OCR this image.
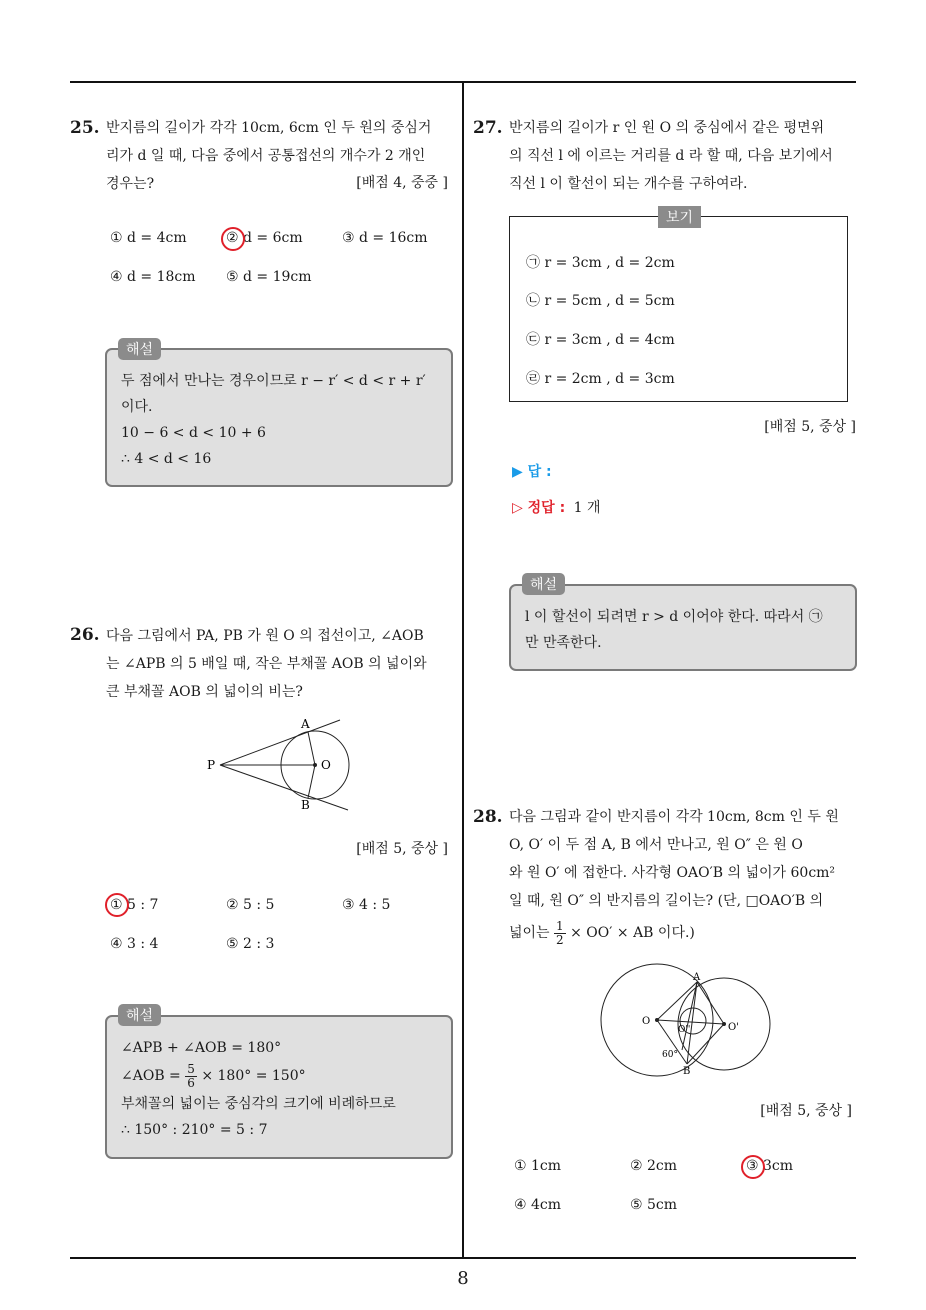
25. 반지름의 길이가 각각 10cm, 6cm 인 두 원의 중심거
리가 d 일 때, 다음 중에서 공통접선의 개수가 2 개인
경우는?	[배점 4, 중중 ]
① d = 4cm	② d = 6cm	③ d = 16cm
④ d = 18cm ⑤ d = 19cm
두 점에서 만나는 경우이므로 r − r′ < d < r + r′
이다.
10 − 6 < d < 10 + 6
∴ 4 < d < 16
해설
26. 다음 그림에서 PA, PB 가 원 O 의 접선이고, ∠AOB
는 ∠APB 의 5 배일 때, 작은 부채꼴 AOB 의 넓이와
큰 부채꼴 AOB 의 넓이의 비는?
A
B
P	O
[배점 5, 중상 ]
① 5 : 7	② 5 : 5	③ 4 : 5
④ 3 : 4	⑤ 2 : 3
∠APB + ∠AOB = 180°
∠AOB = $\frac{5}{6} \times 180^\circ = 150^\circ$
부채꼴의 넓이는 중심각의 크기에 비례하므로
∴ 150° : 210° = 5 : 7
해설
27. 반지름의 길이가 r 인 원 O 의 중심에서 같은 평면위
의 직선 l 에 이르는 거리를 d 라 할 때, 다음 보기에서
직선 l 이 할선이 되는 개수를 구하여라.
보기
㉠ r = 3cm , d = 2cm
㉡ r = 5cm , d = 5cm
㉢ r = 3cm , d = 4cm
㉣ r = 2cm , d = 3cm
[배점 5, 중상 ]
▶ 답 :
▷ 정답 : 1 개
l 이 할선이 되려면 r > d 이어야 한다. 따라서 ㉠
만 만족한다.
해설
28. 다음 그림과 같이 반지름이 각각 10cm, 8cm 인 두 원
O, O′ 이 두 점 A, B 에서 만나고, 원 O″ 은 원 O
와 원 O′ 에 접한다. 사각형 OAO′B 의 넓이가 60cm²
일 때, 원 O″ 의 반지름의 길이는? (단, □OAO′B 의
넓이는 $\frac{1}{2} \times OO'$ × AB 이다.)
A
B
O
O'
O''
60°
[배점 5, 중상 ]
① 1cm	② 2cm	③ 3cm
④ 4cm	⑤ 5cm
8
